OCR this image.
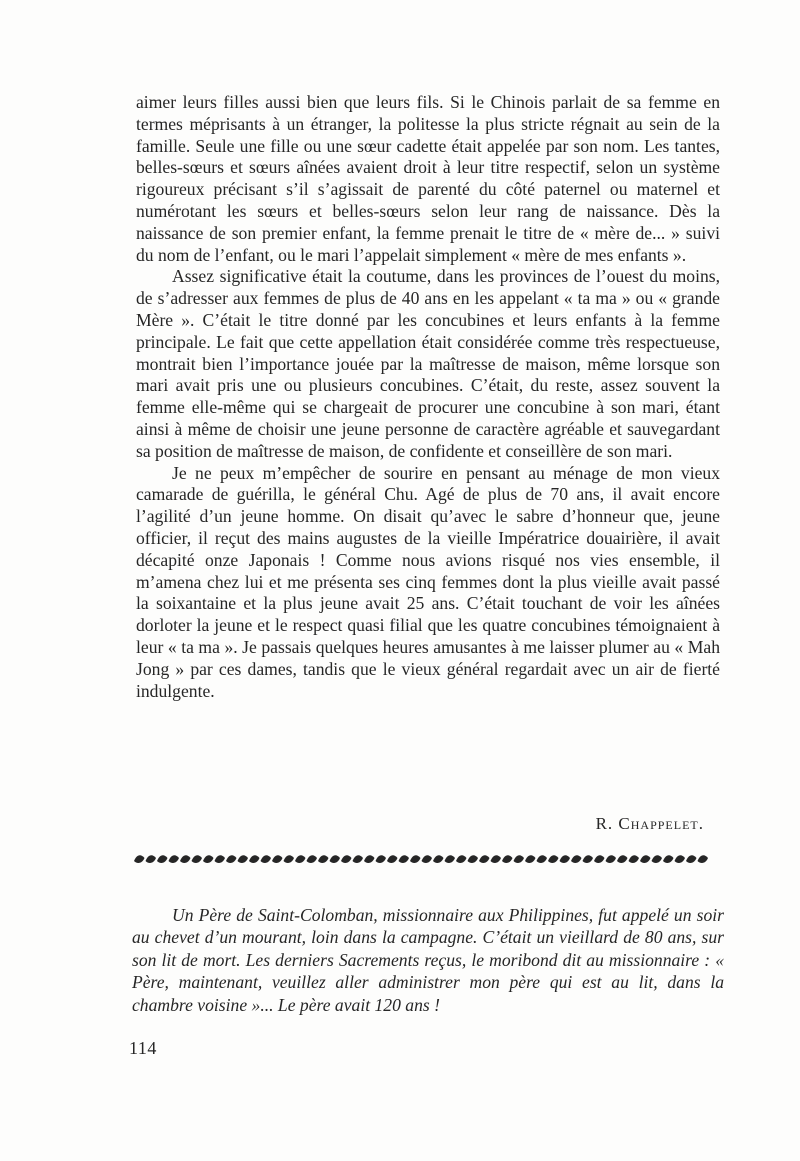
aimer leurs filles aussi bien que leurs fils. Si le Chinois parlait de sa femme en termes méprisants à un étranger, la politesse la plus stricte régnait au sein de la famille. Seule une fille ou une sœur cadette était appelée par son nom. Les tantes, belles-sœurs et sœurs aînées avaient droit à leur titre respectif, selon un système rigoureux précisant s’il s’agissait de parenté du côté paternel ou maternel et numérotant les sœurs et belles-sœurs selon leur rang de naissance. Dès la naissance de son premier enfant, la femme prenait le titre de « mère de... » suivi du nom de l’enfant, ou le mari l’appelait simplement « mère de mes enfants ».

Assez significative était la coutume, dans les provinces de l’ouest du moins, de s’adresser aux femmes de plus de 40 ans en les appelant « ta ma » ou « grande Mère ». C’était le titre donné par les concubines et leurs enfants à la femme principale. Le fait que cette appellation était considérée comme très respectueuse, montrait bien l’importance jouée par la maîtresse de maison, même lorsque son mari avait pris une ou plusieurs concubines. C’était, du reste, assez souvent la femme elle-même qui se chargeait de procurer une concubine à son mari, étant ainsi à même de choisir une jeune personne de caractère agréable et sauvegardant sa position de maîtresse de maison, de confidente et conseillère de son mari.

Je ne peux m’empêcher de sourire en pensant au ménage de mon vieux camarade de guérilla, le général Chu. Agé de plus de 70 ans, il avait encore l’agilité d’un jeune homme. On disait qu’avec le sabre d’honneur que, jeune officier, il reçut des mains augustes de la vieille Impératrice douairière, il avait décapité onze Japonais ! Comme nous avions risqué nos vies ensemble, il m’amena chez lui et me présenta ses cinq femmes dont la plus vieille avait passé la soixantaine et la plus jeune avait 25 ans. C’était touchant de voir les aînées dorloter la jeune et le respect quasi filial que les quatre concubines témoignaient à leur « ta ma ». Je passais quelques heures amusantes à me laisser plumer au « Mah Jong » par ces dames, tandis que le vieux général regardait avec un air de fierté indulgente.

R. Chappelet.

Un Père de Saint-Colomban, missionnaire aux Philippines, fut appelé un soir au chevet d’un mourant, loin dans la campagne. C’était un vieillard de 80 ans, sur son lit de mort. Les derniers Sacrements reçus, le moribond dit au missionnaire : « Père, maintenant, veuillez aller administrer mon père qui est au lit, dans la chambre voisine »... Le père avait 120 ans !

114
